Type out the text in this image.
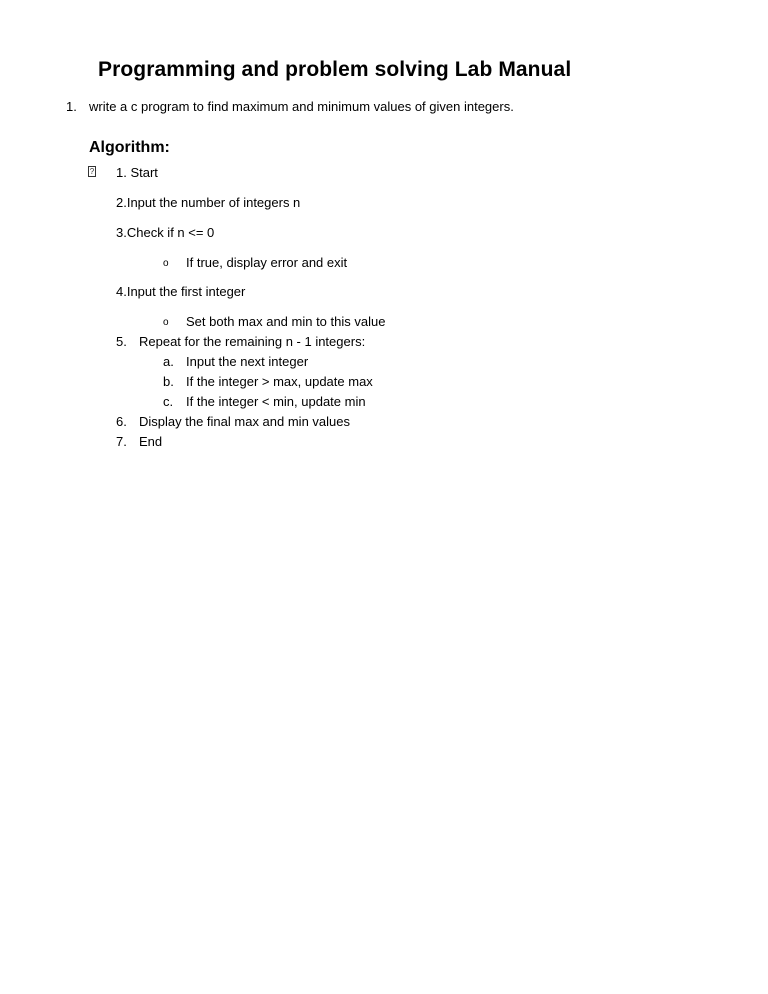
Programming and problem solving Lab Manual
1. write a c program to find maximum and minimum values of given integers.
Algorithm:
? 1. Start
2.Input the number of integers n
3.Check if n <= 0
o If true, display error and exit
4.Input the first integer
o Set both max and min to this value
5. Repeat for the remaining n - 1 integers:
a. Input the next integer
b. If the integer > max, update max
c. If the integer < min, update min
6. Display the final max and min values
7. End
